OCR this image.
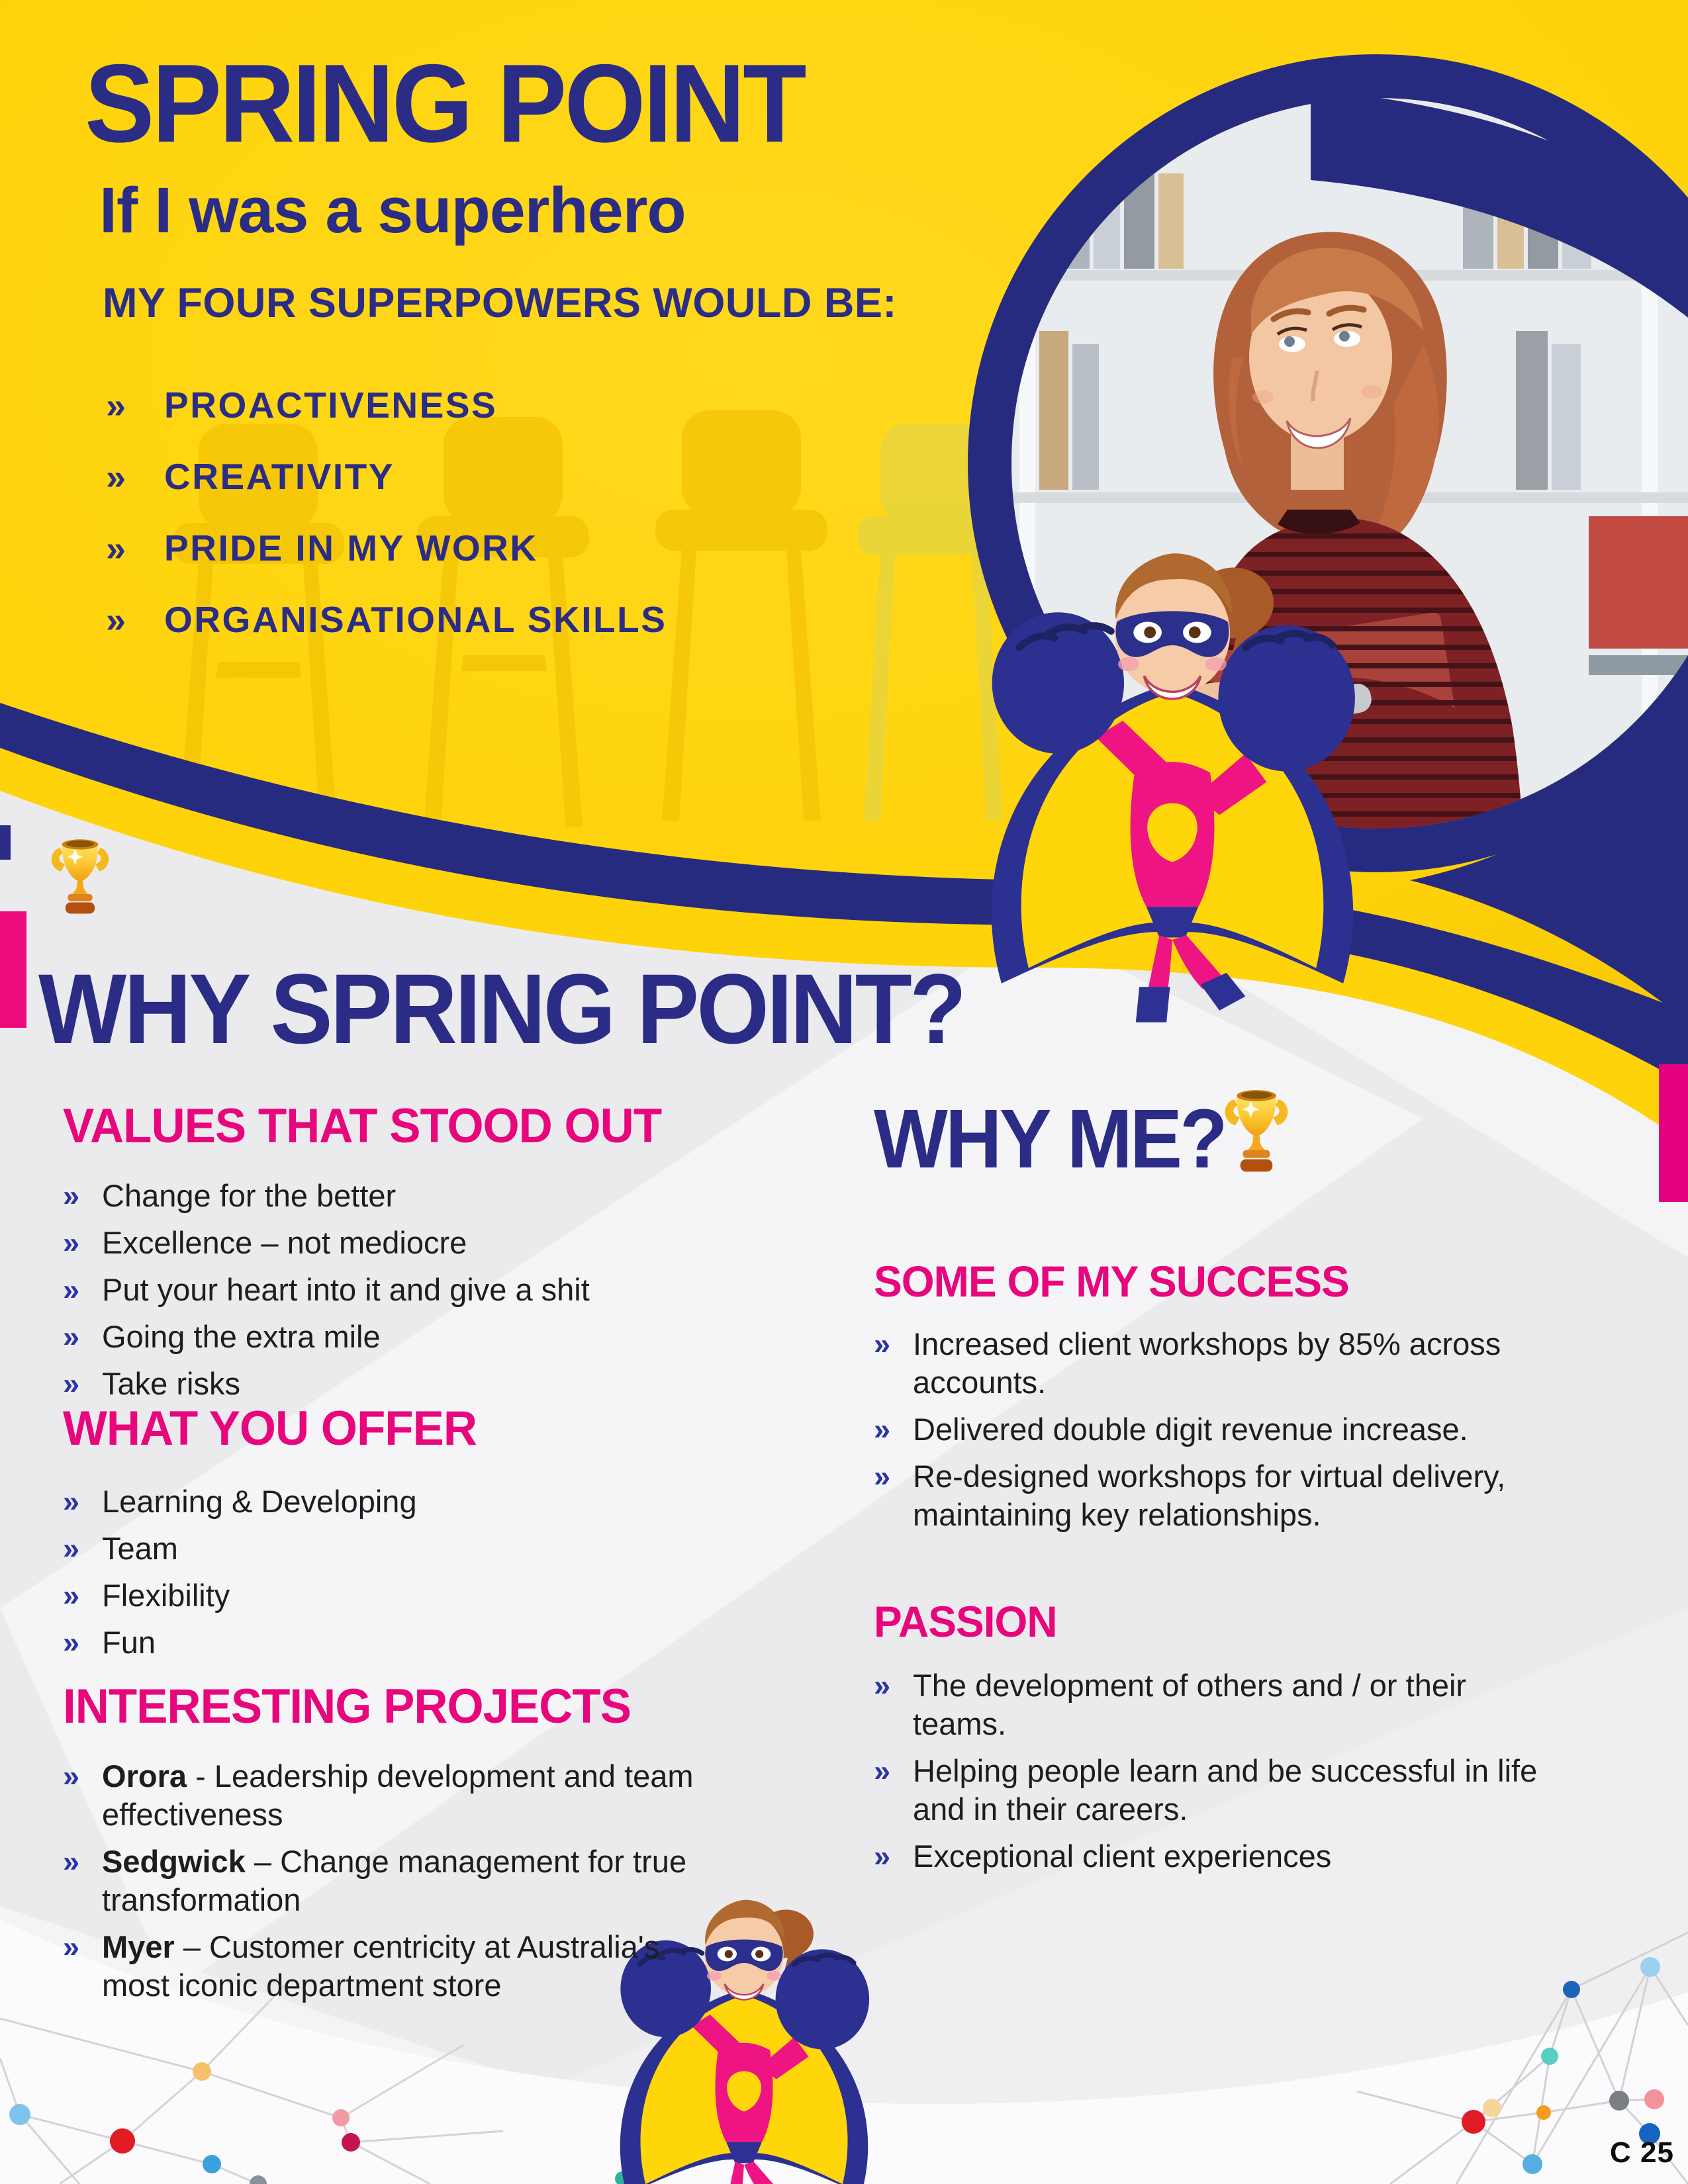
SPRING POINT
If I was a superhero
MY FOUR SUPERPOWERS WOULD BE:
» PROACTIVENESS
» CREATIVITY
» PRIDE IN MY WORK
» ORGANISATIONAL SKILLS
WHY SPRING POINT?
VALUES THAT STOOD OUT
» Change for the better
» Excellence – not mediocre
» Put your heart into it and give a shit
» Going the extra mile
» Take risks
WHAT YOU OFFER
» Learning & Developing
» Team
» Flexibility
» Fun
INTERESTING PROJECTS
» Orora - Leadership development and team effectiveness
» Sedgwick – Change management for true transformation
» Myer – Customer centricity at Australia's most iconic department store
WHY ME?
SOME OF MY SUCCESS
» Increased client workshops by 85% across accounts.
» Delivered double digit revenue increase.
» Re-designed workshops for virtual delivery, maintaining key relationships.
PASSION
» The development of others and / or their teams.
» Helping people learn and be successful in life and in their careers.
» Exceptional client experiences
C 25
